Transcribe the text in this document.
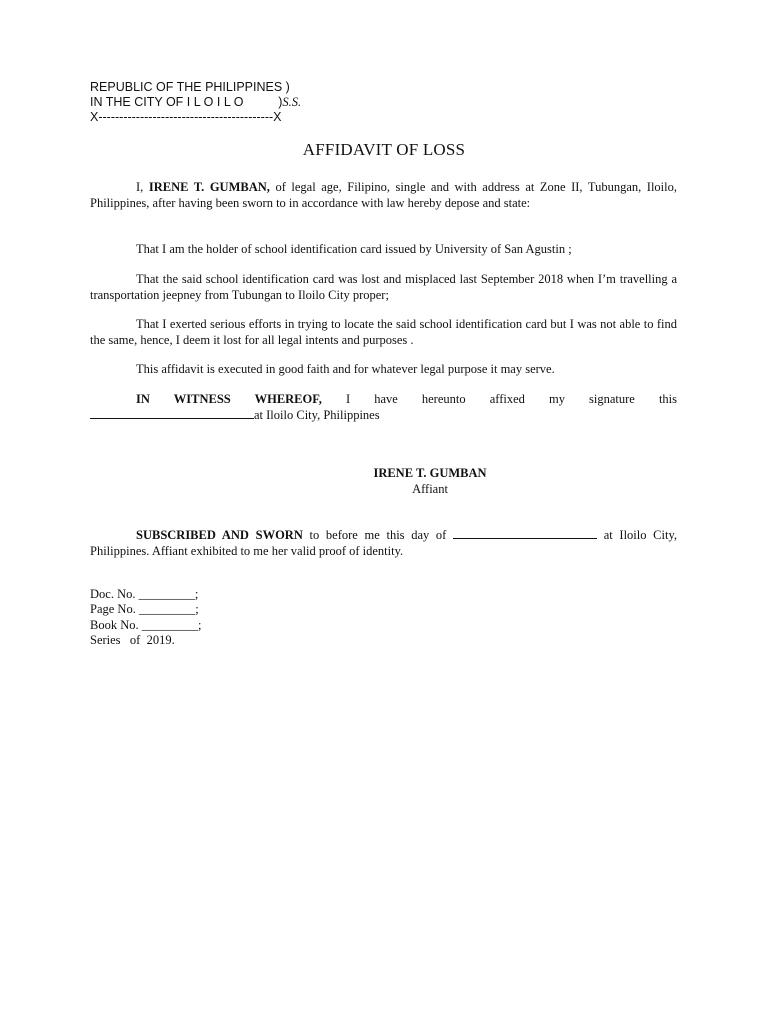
REPUBLIC OF THE PHILIPPINES )
IN THE CITY OF I L O I L O          )S.S.
X------------------------------------------X
AFFIDAVIT OF LOSS

I, IRENE T. GUMBAN, of legal age, Filipino, single and with address at Zone II, Tubungan, Iloilo, Philippines, after having been sworn to in accordance with law hereby depose and state:

That I am the holder of school identification card issued by University of San Agustin ;

That the said school identification card was lost and misplaced last September 2018 when I’m travelling a transportation jeepney from Tubungan to Iloilo City proper;

That I exerted serious efforts in trying to locate the said school identification card but I was not able to find the same, hence, I deem it lost for all legal intents and purposes .

This affidavit is executed in good faith and for whatever legal purpose it may serve.

IN WITNESS WHEREOF, I have hereunto affixed my signature this

at Iloilo City, Philippines

IRENE T. GUMBAN
Affiant

SUBSCRIBED AND SWORN to before me this day of	at Iloilo City, Philippines. Affiant exhibited to me her valid proof of identity.

Doc. No. _________;
Page No. _________;
Book No. _________;
Series   of  2019.
